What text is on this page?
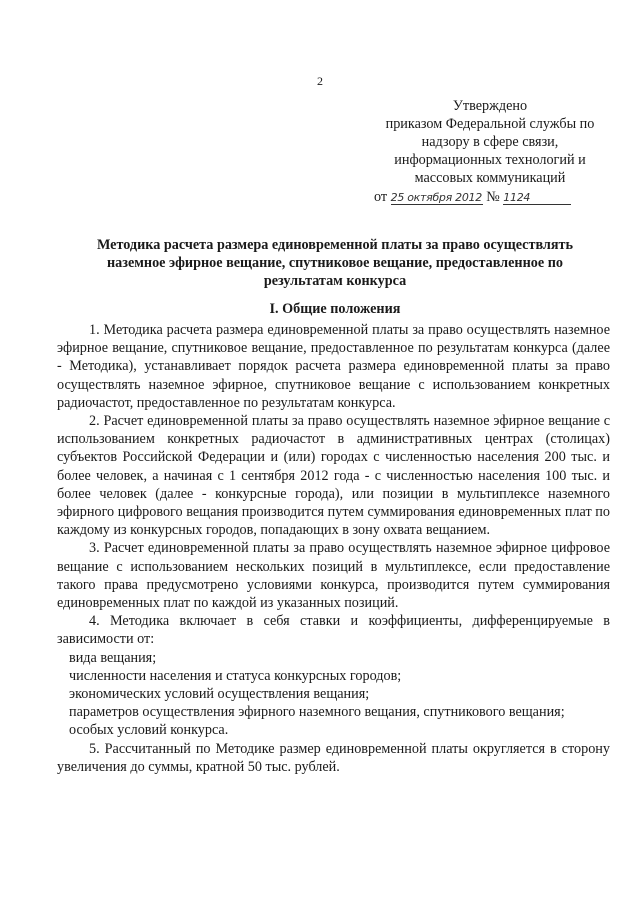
2
Утверждено
приказом Федеральной службы по
надзору в сфере связи,
информационных технологий и
массовых коммуникаций
от 25 октября 2012 № 1124
Методика расчета размера единовременной платы за право осуществлять
наземное эфирное вещание, спутниковое вещание, предоставленное по
результатам конкурса
I. Общие положения

1. Методика расчета размера единовременной платы за право осуществлять наземное эфирное вещание, спутниковое вещание, предоставленное по результатам конкурса (далее - Методика), устанавливает порядок расчета размера единовременной платы за право осуществлять наземное эфирное, спутниковое вещание с использованием конкретных радиочастот, предоставленное по результатам конкурса.

2. Расчет единовременной платы за право осуществлять наземное эфирное вещание с использованием конкретных радиочастот в административных центрах (столицах) субъектов Российской Федерации и (или) городах с численностью населения 200 тыс. и более человек, а начиная с 1 сентября 2012 года - с численностью населения 100 тыс. и более человек (далее - конкурсные города), или позиции в мультиплексе наземного эфирного цифрового вещания производится путем суммирования единовременных плат по каждому из конкурсных городов, попадающих в зону охвата вещанием.

3. Расчет единовременной платы за право осуществлять наземное эфирное цифровое вещание с использованием нескольких позиций в мультиплексе, если предоставление такого права предусмотрено условиями конкурса, производится путем суммирования единовременных плат по каждой из указанных позиций.

4. Методика включает в себя ставки и коэффициенты, дифференцируемые в зависимости от:

вида вещания;
численности населения и статуса конкурсных городов;
экономических условий осуществления вещания;
параметров осуществления эфирного наземного вещания, спутникового вещания;
особых условий конкурса.

5. Рассчитанный по Методике размер единовременной платы округляется в сторону увеличения до суммы, кратной 50 тыс. рублей.
